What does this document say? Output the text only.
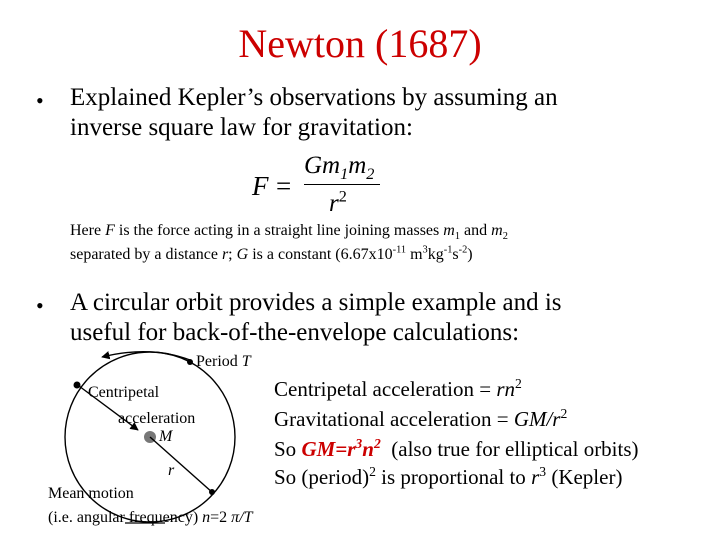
Newton (1687)
• Explained Kepler’s observations by assuming an
inverse square law for gravitation:
F =
$Gm_1m_2$
$r^2$
Here F is the force acting in a straight line joining masses $m_1$ and $m_2$
separated by a distance r; G is a constant ($6.67x10^{-11}$ $m^3kg^{-1}s^{-2}$)
• A circular orbit provides a simple example and is
useful for back-of-the-envelope calculations:
Period T
Centripetal
acceleration
M
r
Mean motion
(i.e. angular frequency) n=2 π/T
Centripetal acceleration = $rn^2$
Gravitational acceleration = $GM/r^2$
So $GM=r^3n^2$  (also true for elliptical orbits)
So (period)$^2$ is proportional to $r^3$ (Kepler)
